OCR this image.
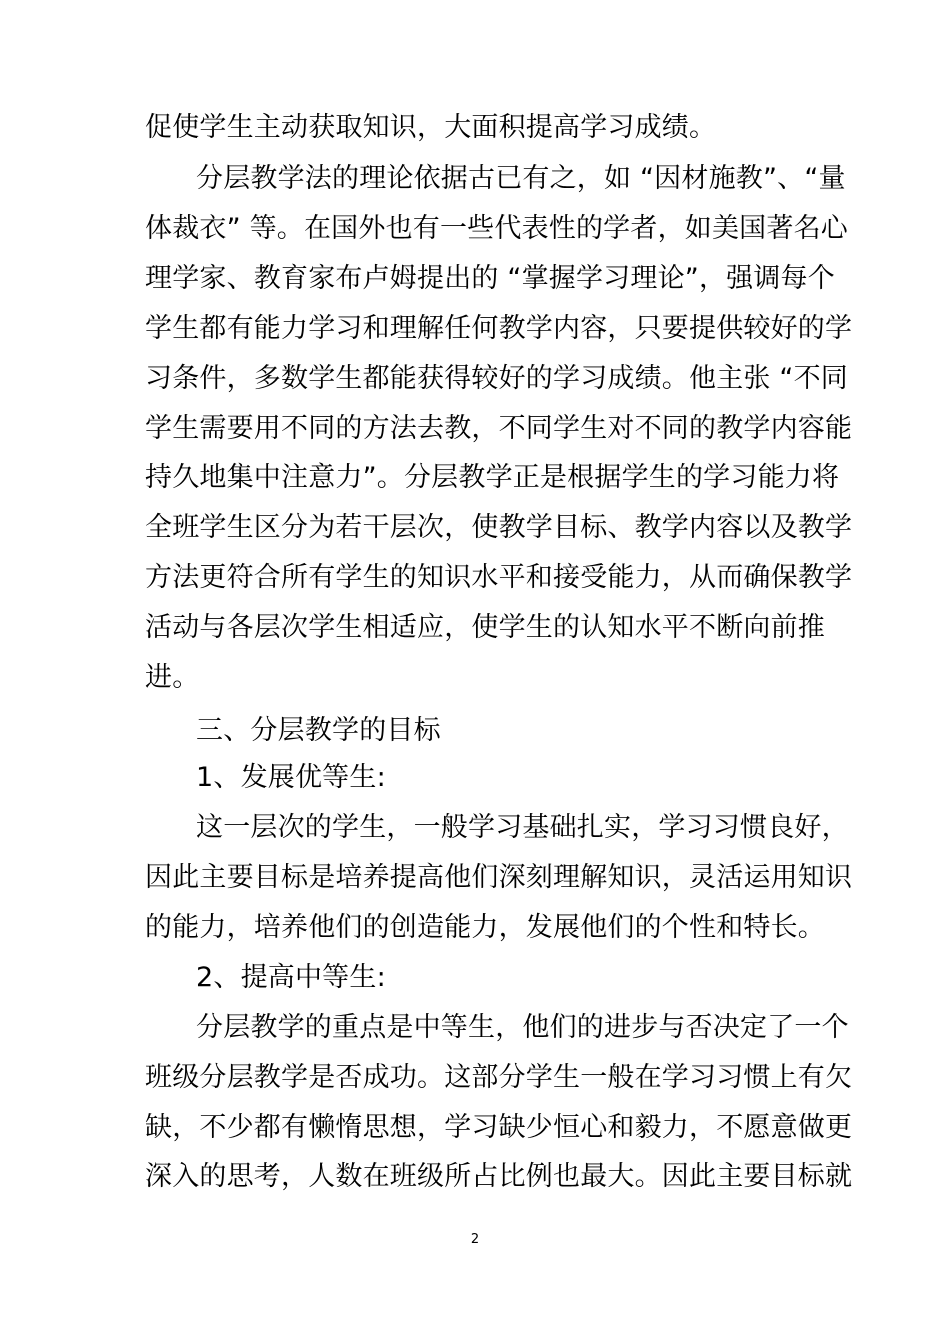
促使学生主动获取知识，大面积提高学习成绩。
分层教学法的理论依据古已有之，如 “因材施教”、“量
体裁衣” 等。在国外也有一些代表性的学者，如美国著名心
理学家、教育家布卢姆提出的 “掌握学习理论”，强调每个
学生都有能力学习和理解任何教学内容，只要提供较好的学
习条件，多数学生都能获得较好的学习成绩。他主张 “不同
学生需要用不同的方法去教，不同学生对不同的教学内容能
持久地集中注意力”。分层教学正是根据学生的学习能力将
全班学生区分为若干层次，使教学目标、教学内容以及教学
方法更符合所有学生的知识水平和接受能力，从而确保教学
活动与各层次学生相适应，使学生的认知水平不断向前推
进。
三、分层教学的目标
1、发展优等生:
这一层次的学生，一般学习基础扎实，学习习惯良好，
因此主要目标是培养提高他们深刻理解知识，灵活运用知识
的能力，培养他们的创造能力，发展他们的个性和特长。
2、提高中等生:
分层教学的重点是中等生，他们的进步与否决定了一个
班级分层教学是否成功。这部分学生一般在学习习惯上有欠
缺，不少都有懒惰思想，学习缺少恒心和毅力，不愿意做更
深入的思考，人数在班级所占比例也最大。因此主要目标就
2
